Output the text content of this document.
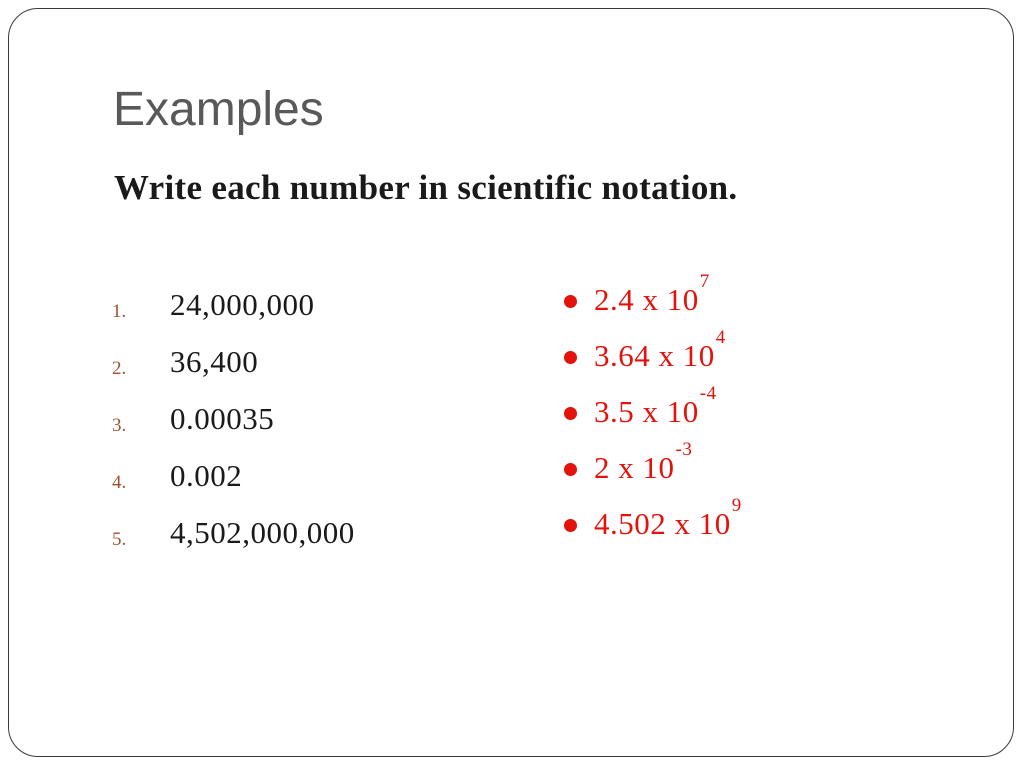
Examples
Write each number in scientific notation.
1. 24,000,000
2. 36,400
3. 0.00035
4. 0.002
5. 4,502,000,000
2.4 x $10^7$
3.64 x $10^4$
3.5 x $10^{-4}$
2 x $10^{-3}$
4.502 x $10^9$
